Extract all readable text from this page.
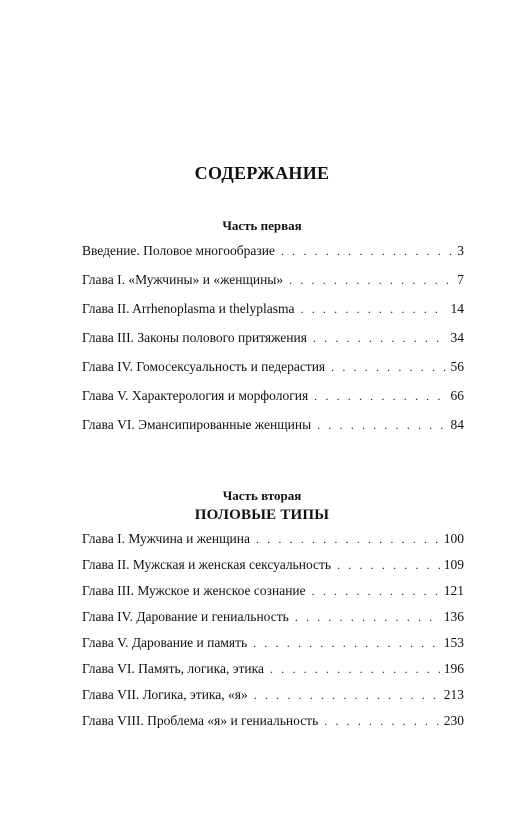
СОДЕРЖАНИЕ
Часть первая
Введение. Половое многообразие . . .	3
Глава I. «Мужчины» и «женщины» . . .	7
Глава II. Arrhenoplasma и thelyplasma . . .	14
Глава III. Законы полового притяжения . . .	34
Глава IV. Гомосексуальность и педерастия . . .	56
Глава V. Характерология и морфология . . .	66
Глава VI. Эмансипированные женщины . . .	84
Часть вторая
ПОЛОВЫЕ ТИПЫ
Глава I. Мужчина и женщина . . .	100
Глава II. Мужская и женская сексуальность . . .	109
Глава III. Мужское и женское сознание . . .	121
Глава IV. Дарование и гениальность . . .	136
Глава V. Дарование и память . . .	153
Глава VI. Память, логика, этика . . .	196
Глава VII. Логика, этика, «я» . . .	213
Глава VIII. Проблема «я» и гениальность . . .	230
